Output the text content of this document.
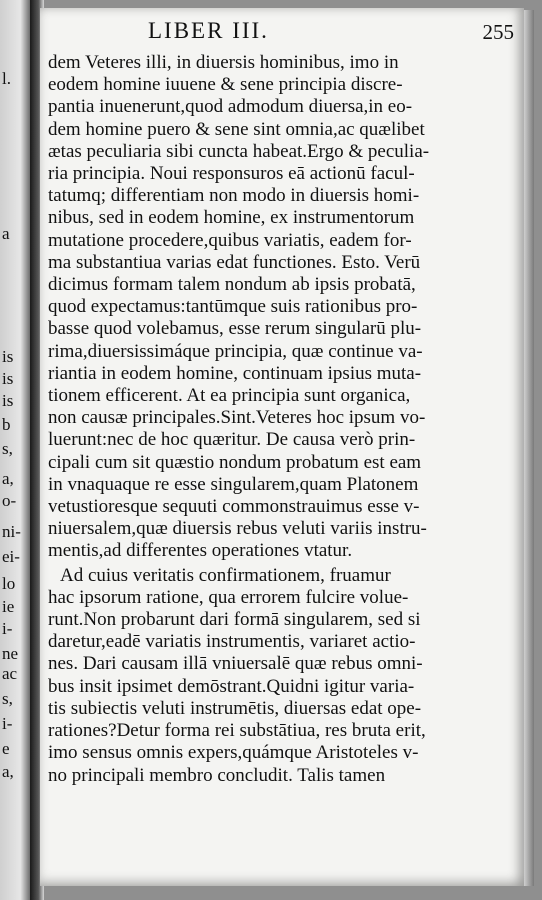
l.
a
is
is
is
b
s,
a,
o-
ni-
ei-
lo
ie
i-
ne
ac
s,
i-
e
a,
LIBER III.	255
dem Veteres illi, in diuersis hominibus, imo in
eodem homine iuuene & sene principia discre-
pantia inuenerunt,quod admodum diuersa,in eo-
dem homine puero & sene sint omnia,ac quælibet
ætas peculiaria sibi cuncta habeat.Ergo & peculia-
ria principia. Noui responsuros eā actionū facul-
tatumq; differentiam non modo in diuersis homi-
nibus, sed in eodem homine, ex instrumentorum
mutatione procedere,quibus variatis, eadem for-
ma substantiua varias edat functiones. Esto. Verū
dicimus formam talem nondum ab ipsis probatā,
quod expectamus:tantūmque suis rationibus pro-
basse quod volebamus, esse rerum singularū plu-
rima,diuersissimáque principia, quæ continue va-
riantia in eodem homine, continuam ipsius muta-
tionem efficerent. At ea principia sunt organica,
non causæ principales.Sint.Veteres hoc ipsum vo-
luerunt:nec de hoc quæritur. De causa verò prin-
cipali cum sit quæstio nondum probatum est eam
in vnaquaque re esse singularem,quam Platonem
vetustioresque sequuti commonstrauimus esse v-
niuersalem,quæ diuersis rebus veluti variis instru-
mentis,ad differentes operationes vtatur.
Ad cuius veritatis confirmationem, fruamur
hac ipsorum ratione, qua errorem fulcire volue-
runt.Non probarunt dari formā singularem, sed si
daretur,eadē variatis instrumentis, variaret actio-
nes. Dari causam illā vniuersalē quæ rebus omni-
bus insit ipsimet demōstrant.Quidni igitur varia-
tis subiectis veluti instrumētis, diuersas edat ope-
rationes?Detur forma rei substātiua, res bruta erit,
imo sensus omnis expers,quámque Aristoteles v-
no principali membro concludit. Talis tamen
